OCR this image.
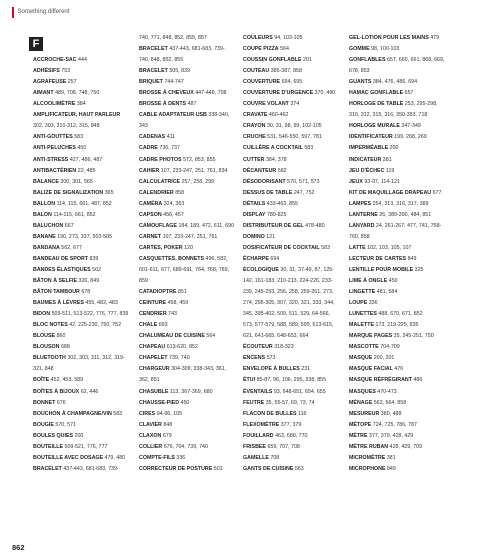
Something different
F

ACCROCHE-SAC 444
ADHÉSIFS 753
AGRAFEUSE 257
AIMANT 489, 708, 748, 750
ALCOOLIMÈTRE 384
AMPLIFICATEUR, HAUT PARLEUR
302, 303, 310-312, 315, 848
ANTI-GOUTTES 583
ANTI-PELUCHES 450
ANTI-STRESS 427, 486, 487
ANTIBACTÉRIEN 22, 485
BALANCE 300, 301, 565
BALIZE DE SIGNALIZATION 365
BALLON 114, 115, 661, 487, 852
BALON 114-115, 661, 852
BALUCHON 667
BANANE 190, 273, 337, 503-505
BANDANA 562, 677
BANDEAU DE SPORT 839
BANDES ÉLASTIQUES 502
BÂTON À SELFIE 326, 849
BÂTON TAMBOUR 678
BAUMES À LÈVRES 455, 482, 483
BIDON 509-511, 513-522, 776, 777, 839
BLOC NOTES 42, 225-230, 750, 752
BLOUSE 860
BLOUSON 688
BLUETOOTH 302, 303, 311, 312, 319-
321, 848
BOÎTE 452, 453, 589
BOÎTES À BIJOUX 62, 446
BONNET 676
BOUCHON À CHAMPAGNE/VIN 583
BOUGIE 570, 571
BOULES QUIES 200
BOUTEILLE 509-521, 776, 777
BOUTEILLE AVEC DOSAGE 479, 480
BRACELET 437-443, 681-683, 739-
740, 771, 848, 852, 855, 857
BRACELET 437-443, 681-683, 739-
740, 848, 852, 855
BRACELET 505, 839
BRIQUET 744-747
BROSSE À CHEVEUX 447-448, 708
BROSSE À DENTS 487
CABLE ADAPTATEUR USB 338-340,
343
CADENAS 411
CADRE 736, 737
CADRE PHOTOS 572, 853, 855
CAHIER 107, 233-247, 251, 761, 834
CALCULATRICE 257, 258, 299
CALENDRIER 858
CAMÉRA 324, 363
CAPSON 456, 457
CAMOUFLAGE 184, 189, 472, 611, 690
CARNET 107, 233-247, 251, 761
CARTES, POKER 120
CASQUETTES, BONNETS 496, 582,
601-611, 677, 689-691, 764, 768, 769,
859
CATADIOPTRE 851
CEINTURE 458, 459
CENDRIER 743
CHALE 693
CHALUMEAU DE CUISINE 564
CHAPEAU 613-620, 852
CHAPELET 739, 740
CHARGEUR 304-309, 338-343, 361,
362, 851
CHASUBLE 113, 367-369, 680
CHAUSSE-PIED 450
CIRES 94-96, 105
CLAVIER 848
CLAXON 679
COLLIER 676, 704, 739, 740
COMPTE-FILS 336
CORRECTEUR DE POSTURE 501
COULEURS 94, 103-105
COUPE PIZZA 564
COUSSIN GONFLABLE 201
COUTEAU 385-387, 858
COUVERTURE 694, 695
COUVERTURE D'URGENCE 370, 490
COUVRE VOLANT 374
CRAVATE 460-462
CRAYON 30, 31, 98, 99, 102-105
CRUCHE 531, 546-550, 597, 781
CUILLÈRE A COCKTAIL 583
CUTTER 384, 378
DÉCANTEUR 582
DÉSODORISANT 570, 571, 573
DESSUS DE TABLE 247, 752
DÉTAILS 433-463, 855
DISPLAY 780-825
DISTRIBUTEUR DE GEL 478-480
DOMINO 121
DOSIFICATEUR DE COCKTAIL 583
ÉCHARPE 694
ÉCOLOGIQUE 30, 31, 37-49, 87, 125-
142, 161-183, 210-213, 224-226, 233-
239, 245-253, 256, 258, 259-261, 273,
274, 295-305, 307, 320, 321, 333, 344,
345, 395-402, 509, 511, 529, 64-566,
573, 577-579, 588, 589, 595, 613-615,
621, 641-665, 648-653, 664
ÉCOUTEUR 318-323
ENCENS 573
ENVELOPE À BULLES 231
ÉTUI 85-87, 96, 106, 295, 338, 855
ÉVENTAILS 93, 648-651, 654, 655
FEUTRE 35, 55-57, 69, 73, 74
FLACON DE BULLES 116
FLEXOMÈTRE 377, 379
FOUILLARD 463, 680, 770
FRISBEE 659, 707, 708
GAMELLE 708
GANTS DE CUISINE 563
GEL-LOTION POUR LES MAINS 479
GOMME 98, 100-103
GONFLABLES 657, 660, 661, 868, 669,
678, 853
GUANTS 384, 476, 486, 694
HAMAC GONFLABLE 657
HORLOGE DE TABLE 253, 295-298,
310, 312, 315, 316, 350-353, 718
HORLOGE MURALE 347-349
IDENTIFICATEUR 199, 268, 269
IMPERMÉABLE 200
INDICATEUR 381
JEU D'ÉCHEC 119
JEUX 93-97, 114-121
KIT DE MAQUILLAGE DRAPEAU 677
LAMPES 254, 313, 316, 317, 389
LANTERNE 26, 389-390, 484, 851
LANYARD 24, 261-267, 477, 741, 758-
760, 858
LATTE 102, 103, 105, 107
LECTEUR DE CARTES 849
LENTILLE POUR MOBILE 325
LIME À ONGLE 450
LINGETTE 481, 584
LOUPE 336
LUNETTES 488, 670, 671, 852
MALETTE 173, 219-225, 835
MARQUE PAGES 35, 245-251, 750
MASCOTTE 704-709
MASQUE 200, 201
MASQUE FACIAL 476
MASQUE RÉFRÉGIRANT 486
MASQUES 470-473
MÉNAGE 563, 564, 858
MESUREUR 380, 488
MÉTOPE 724, 725, 786, 787
MÈTRE 377, 379, 428, 429
MÈTRE RUBAN 428, 429, 709
MICROMÈTRE 381
MICROPHONE 849
862
